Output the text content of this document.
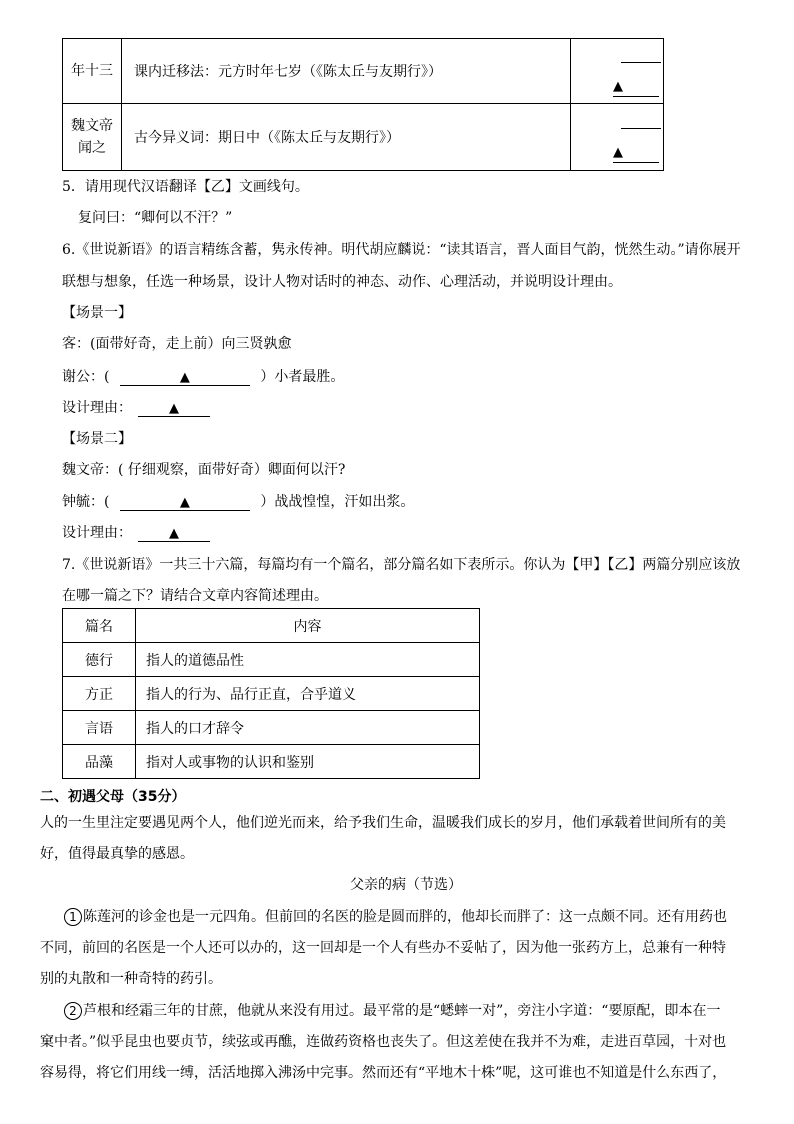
年十三	课内迁移法：元方时年七岁（《陈太丘与友期行》）	▲

魏文帝
闻之	古今异义词：期日中（《陈太丘与友期行》）	▲
5．请用现代汉语翻译【乙】文画线句。
复问曰：“卿何以不汗？”
6.《世说新语》的语言精练含蓄，隽永传神。明代胡应麟说：“读其语言，晋人面目气韵，恍然生动。”请你展开
联想与想象，任选一种场景，设计人物对话时的神态、动作、心理活动，并说明设计理由。
【场景一】
客：(面带好奇，走上前）向三贤孰愈
谢公：(	▲	）小者最胜。
设计理由：	▲
【场景二】
魏文帝：( 仔细观察，面带好奇）卿面何以汗?
钟毓：(	▲	）战战惶惶，汗如出浆。
设计理由：	▲
7.《世说新语》一共三十六篇，每篇均有一个篇名，部分篇名如下表所示。你认为【甲】【乙】两篇分别应该放
在哪一篇之下？请结合文章内容简述理由。
篇名	内容
德行	指人的道德品性
方正	指人的行为、品行正直，合乎道义
言语	指人的口才辞令
品藻	指对人或事物的认识和鉴别
二、初遇父母（35分）
人的一生里注定要遇见两个人，他们逆光而来，给予我们生命，温暖我们成长的岁月，他们承载着世间所有的美
好，值得最真挚的感恩。
父亲的病（节选）
1 陈莲河的诊金也是一元四角。但前回的名医的脸是圆而胖的，他却长而胖了：这一点颇不同。还有用药也
不同，前回的名医是一个人还可以办的，这一回却是一个人有些办不妥帖了，因为他一张药方上，总兼有一种特
别的丸散和一种奇特的药引。
2 芦根和经霜三年的甘蔗，他就从来没有用过。最平常的是“蟋蟀一对”，旁注小字道：“要原配，即本在一
窠中者。”似乎昆虫也要贞节，续弦或再醮，连做药资格也丧失了。但这差使在我并不为难，走进百草园，十对也
容易得，将它们用线一缚，活活地掷入沸汤中完事。然而还有“平地木十株”呢，这可谁也不知道是什么东西了，
